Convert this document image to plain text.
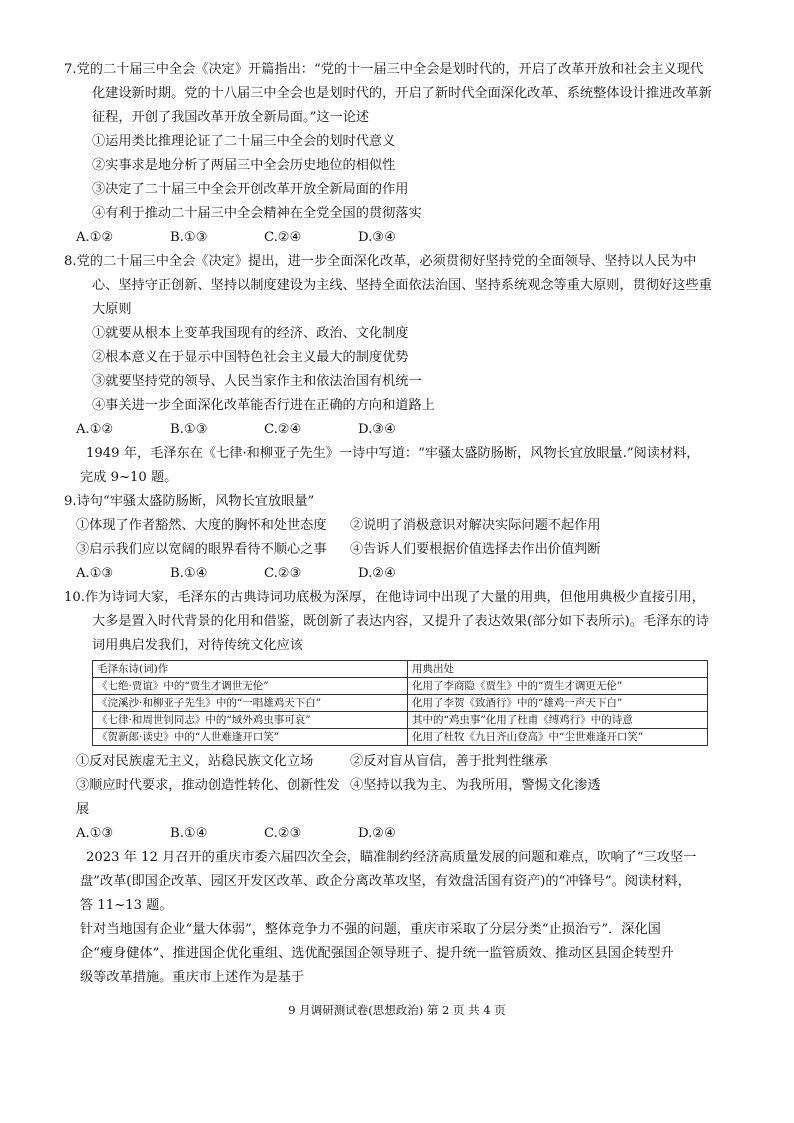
7.党的二十届三中全会《决定》开篇指出：“党的十一届三中全会是划时代的，开启了改革开放和社会主义现代

化建设新时期。党的十八届三中全会也是划时代的，开启了新时代全面深化改革、系统整体设计推进改革新

征程，开创了我国改革开放全新局面。”这一论述

①运用类比推理论证了二十届三中全会的划时代意义

②实事求是地分析了两届三中全会历史地位的相似性

③决定了二十届三中全会开创改革开放全新局面的作用

④有利于推动二十届三中全会精神在全党全国的贯彻落实

A.①②	B.①③	C.②④	D.③④

8.党的二十届三中全会《决定》提出，进一步全面深化改革，必须贯彻好坚持党的全面领导、坚持以人民为中

心、坚持守正创新、坚持以制度建设为主线、坚持全面依法治国、坚持系统观念等重大原则，贯彻好这些重

大原则

①就要从根本上变革我国现有的经济、政治、文化制度

②根本意义在于显示中国特色社会主义最大的制度优势

③就要坚持党的领导、人民当家作主和依法治国有机统一

④事关进一步全面深化改革能否行进在正确的方向和道路上

A.①②	B.①③	C.②④	D.③④

1949 年，毛泽东在《七律·和柳亚子先生》一诗中写道：“牢骚太盛防肠断，风物长宜放眼量.”阅读材料，

完成 9~10 题。

9.诗句“牢骚太盛防肠断，风物长宜放眼量”

①体现了作者豁然、大度的胸怀和处世态度	②说明了消极意识对解决实际问题不起作用
③启示我们应以宽阔的眼界看待不顺心之事	④告诉人们要根据价值选择去作出价值判断
A.①③	B.①④	C.②③	D.②④

10.作为诗词大家，毛泽东的古典诗词功底极为深厚，在他诗词中出现了大量的用典，但他用典极少直接引用，

大多是置入时代背景的化用和借鉴，既创新了表达内容，又提升了表达效果(部分如下表所示)。毛泽东的诗

词用典启发我们，对待传统文化应该

毛泽东诗(词)作	用典出处
《七绝·贾谊》中的“贾生才调世无伦”	化用了李商隐《贾生》中的“贾生才调更无伦”
《浣溪沙·和柳亚子先生》中的“一唱雄鸡天下白”	化用了李贺《致酒行》中的“雄鸡一声天下白”
《七律·和周世钊同志》中的“域外鸡虫事可哀”	其中的“鸡虫事”化用了杜甫《缚鸡行》中的诗意
《贺新郎·读史》中的“人世难逢开口笑”	化用了杜牧《九日齐山登高》中“尘世难逢开口笑”
①反对民族虚无主义，站稳民族文化立场	②反对盲从盲信，善于批判性继承
③顺应时代要求，推动创造性转化、创新性发展
④坚持以我为主、为我所用，警惕文化渗透
A.①③	B.①④	C.②③	D.②④

2023 年 12 月召开的重庆市委六届四次全会，瞄准制约经济高质量发展的问题和难点，吹响了“三攻坚一

盘”改革(即国企改革、园区开发区改革、政企分离改革攻坚，有效盘活国有资产)的“冲锋号”。阅读材料，

答 11~13 题。

针对当地国有企业“量大体弱”，整体竞争力不强的问题，重庆市采取了分层分类“止损治亏”．深化国

企“瘦身健体”、推进国企优化重组、选优配强国企领导班子、提升统一监管质效、推动区县国企转型升

级等改革措施。重庆市上述作为是基于

9 月调研测试卷(思想政治) 第 2 页 共 4 页
